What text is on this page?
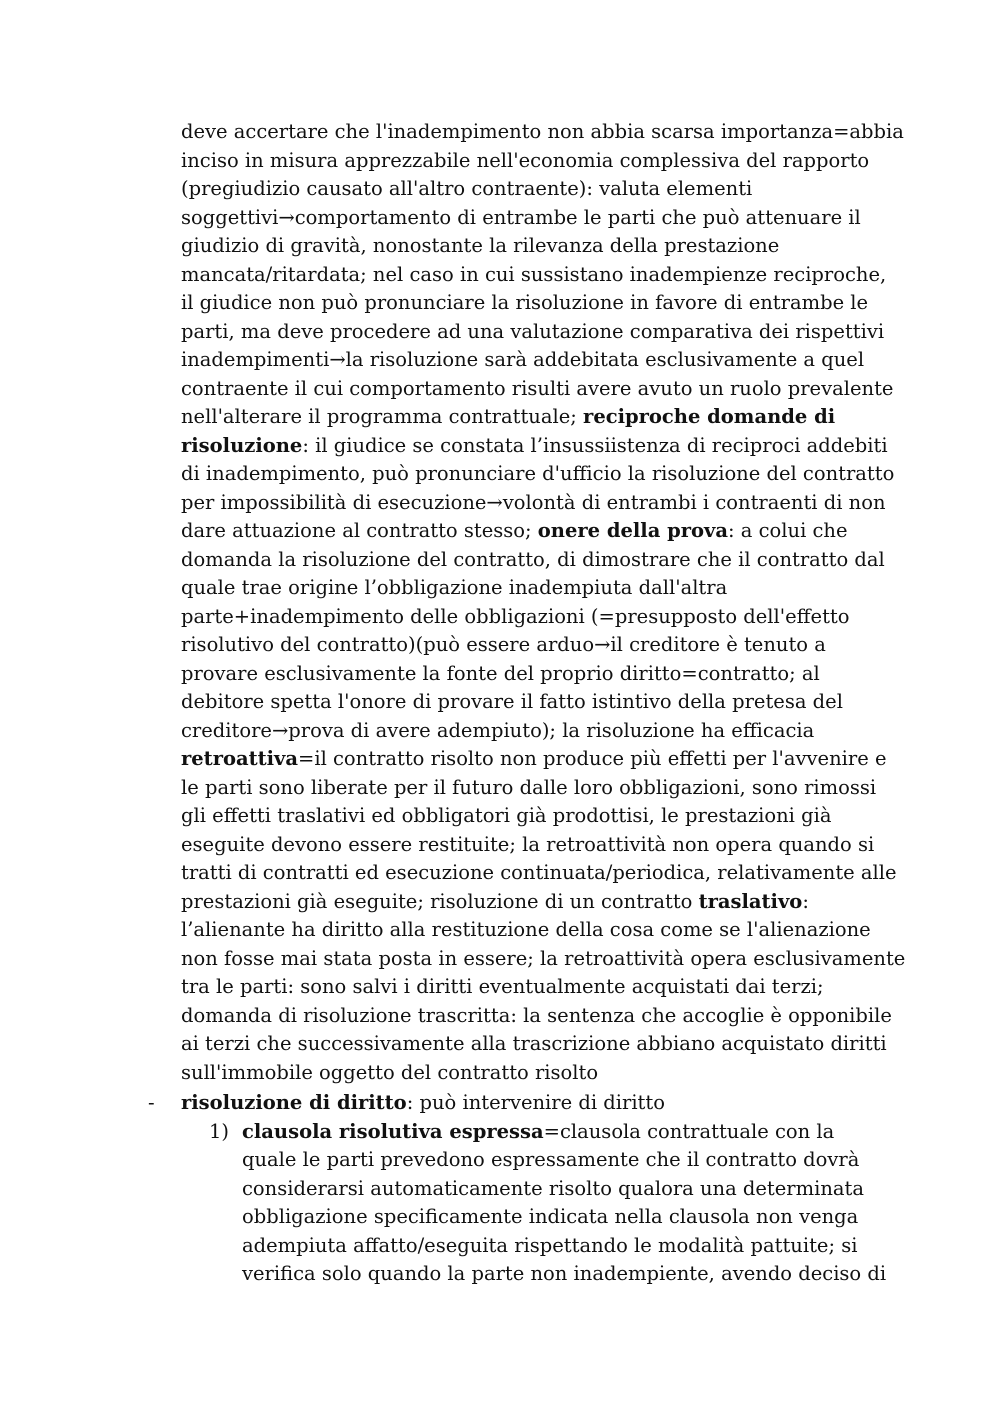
deve accertare che l'inadempimento non abbia scarsa importanza=abbia
inciso in misura apprezzabile nell'economia complessiva del rapporto
(pregiudizio causato all'altro contraente): valuta elementi
soggettivi→comportamento di entrambe le parti che può attenuare il
giudizio di gravità, nonostante la rilevanza della prestazione
mancata/ritardata; nel caso in cui sussistano inadempienze reciproche,
il giudice non può pronunciare la risoluzione in favore di entrambe le
parti, ma deve procedere ad una valutazione comparativa dei rispettivi
inadempimenti→la risoluzione sarà addebitata esclusivamente a quel
contraente il cui comportamento risulti avere avuto un ruolo prevalente
nell'alterare il programma contrattuale; reciproche domande di
risoluzione: il giudice se constata l’insussiistenza di reciproci addebiti
di inadempimento, può pronunciare d'ufficio la risoluzione del contratto
per impossibilità di esecuzione→volontà di entrambi i contraenti di non
dare attuazione al contratto stesso; onere della prova: a colui che
domanda la risoluzione del contratto, di dimostrare che il contratto dal
quale trae origine l’obbligazione inadempiuta dall'altra
parte+inadempimento delle obbligazioni (=presupposto dell'effetto
risolutivo del contratto)(può essere arduo→il creditore è tenuto a
provare esclusivamente la fonte del proprio diritto=contratto; al
debitore spetta l'onore di provare il fatto istintivo della pretesa del
creditore→prova di avere adempiuto); la risoluzione ha efficacia
retroattiva=il contratto risolto non produce più effetti per l'avvenire e
le parti sono liberate per il futuro dalle loro obbligazioni, sono rimossi
gli effetti traslativi ed obbligatori già prodottisi, le prestazioni già
eseguite devono essere restituite; la retroattività non opera quando si
tratti di contratti ed esecuzione continuata/periodica, relativamente alle
prestazioni già eseguite; risoluzione di un contratto traslativo:
l’alienante ha diritto alla restituzione della cosa come se l'alienazione
non fosse mai stata posta in essere; la retroattività opera esclusivamente
tra le parti: sono salvi i diritti eventualmente acquistati dai terzi;
domanda di risoluzione trascritta: la sentenza che accoglie è opponibile
ai terzi che successivamente alla trascrizione abbiano acquistato diritti
sull'immobile oggetto del contratto risolto
- risoluzione di diritto: può intervenire di diritto
1) clausola risolutiva espressa=clausola contrattuale con la
quale le parti prevedono espressamente che il contratto dovrà
considerarsi automaticamente risolto qualora una determinata
obbligazione specificamente indicata nella clausola non venga
adempiuta affatto/eseguita rispettando le modalità pattuite; si
verifica solo quando la parte non inadempiente, avendo deciso di
